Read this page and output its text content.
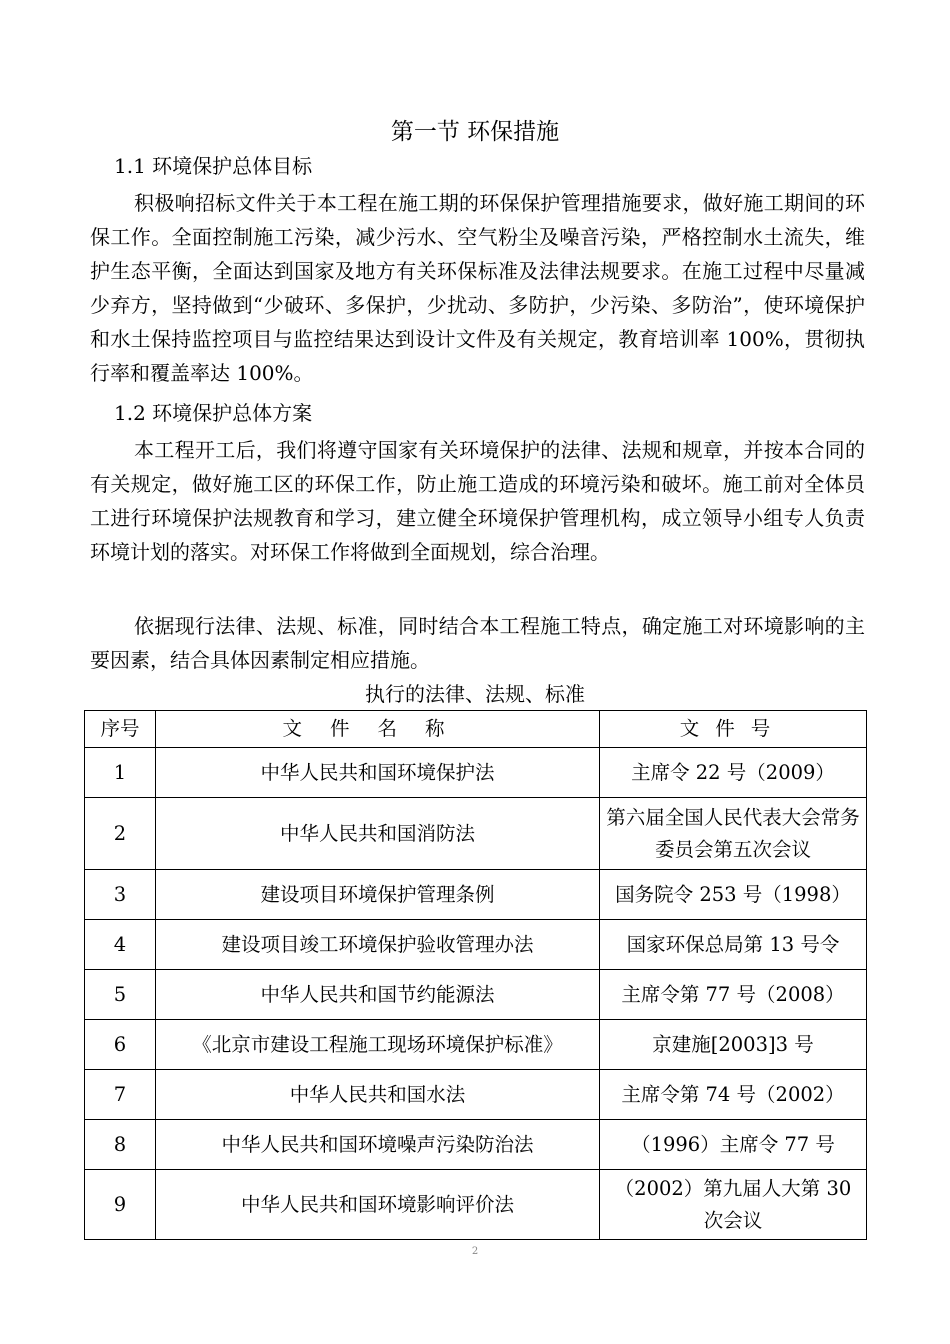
第一节 环保措施
1.1 环境保护总体目标

积极响招标文件关于本工程在施工期的环保保护管理措施要求，做好施工期间的环保工作。全面控制施工污染，减少污水、空气粉尘及噪音污染，严格控制水土流失，维护生态平衡，全面达到国家及地方有关环保标准及法律法规要求。在施工过程中尽量减少弃方，坚持做到“少破环、多保护，少扰动、多防护，少污染、多防治”，使环境保护和水土保持监控项目与监控结果达到设计文件及有关规定，教育培训率 100%，贯彻执行率和覆盖率达 100%。

1.2 环境保护总体方案

本工程开工后，我们将遵守国家有关环境保护的法律、法规和规章，并按本合同的有关规定，做好施工区的环保工作，防止施工造成的环境污染和破坏。施工前对全体员工进行环境保护法规教育和学习，建立健全环境保护管理机构，成立领导小组专人负责环境计划的落实。对环保工作将做到全面规划，综合治理。

依据现行法律、法规、标准，同时结合本工程施工特点，确定施工对环境影响的主要因素，结合具体因素制定相应措施。

执行的法律、法规、标准
序号	文件名称	文件号
1	中华人民共和国环境保护法	主席令 22 号（2009）
2	中华人民共和国消防法	第六届全国人民代表大会常务委员会第五次会议
3	建设项目环境保护管理条例	国务院令 253 号（1998）
4	建设项目竣工环境保护验收管理办法	国家环保总局第 13 号令
5	中华人民共和国节约能源法	主席令第 77 号（2008）
6	《北京市建设工程施工现场环境保护标准》	京建施[2003]3 号
7	中华人民共和国水法	主席令第 74 号（2002）
8	中华人民共和国环境噪声污染防治法	（1996）主席令 77 号
9	中华人民共和国环境影响评价法	（2002）第九届人大第 30 次会议
2
